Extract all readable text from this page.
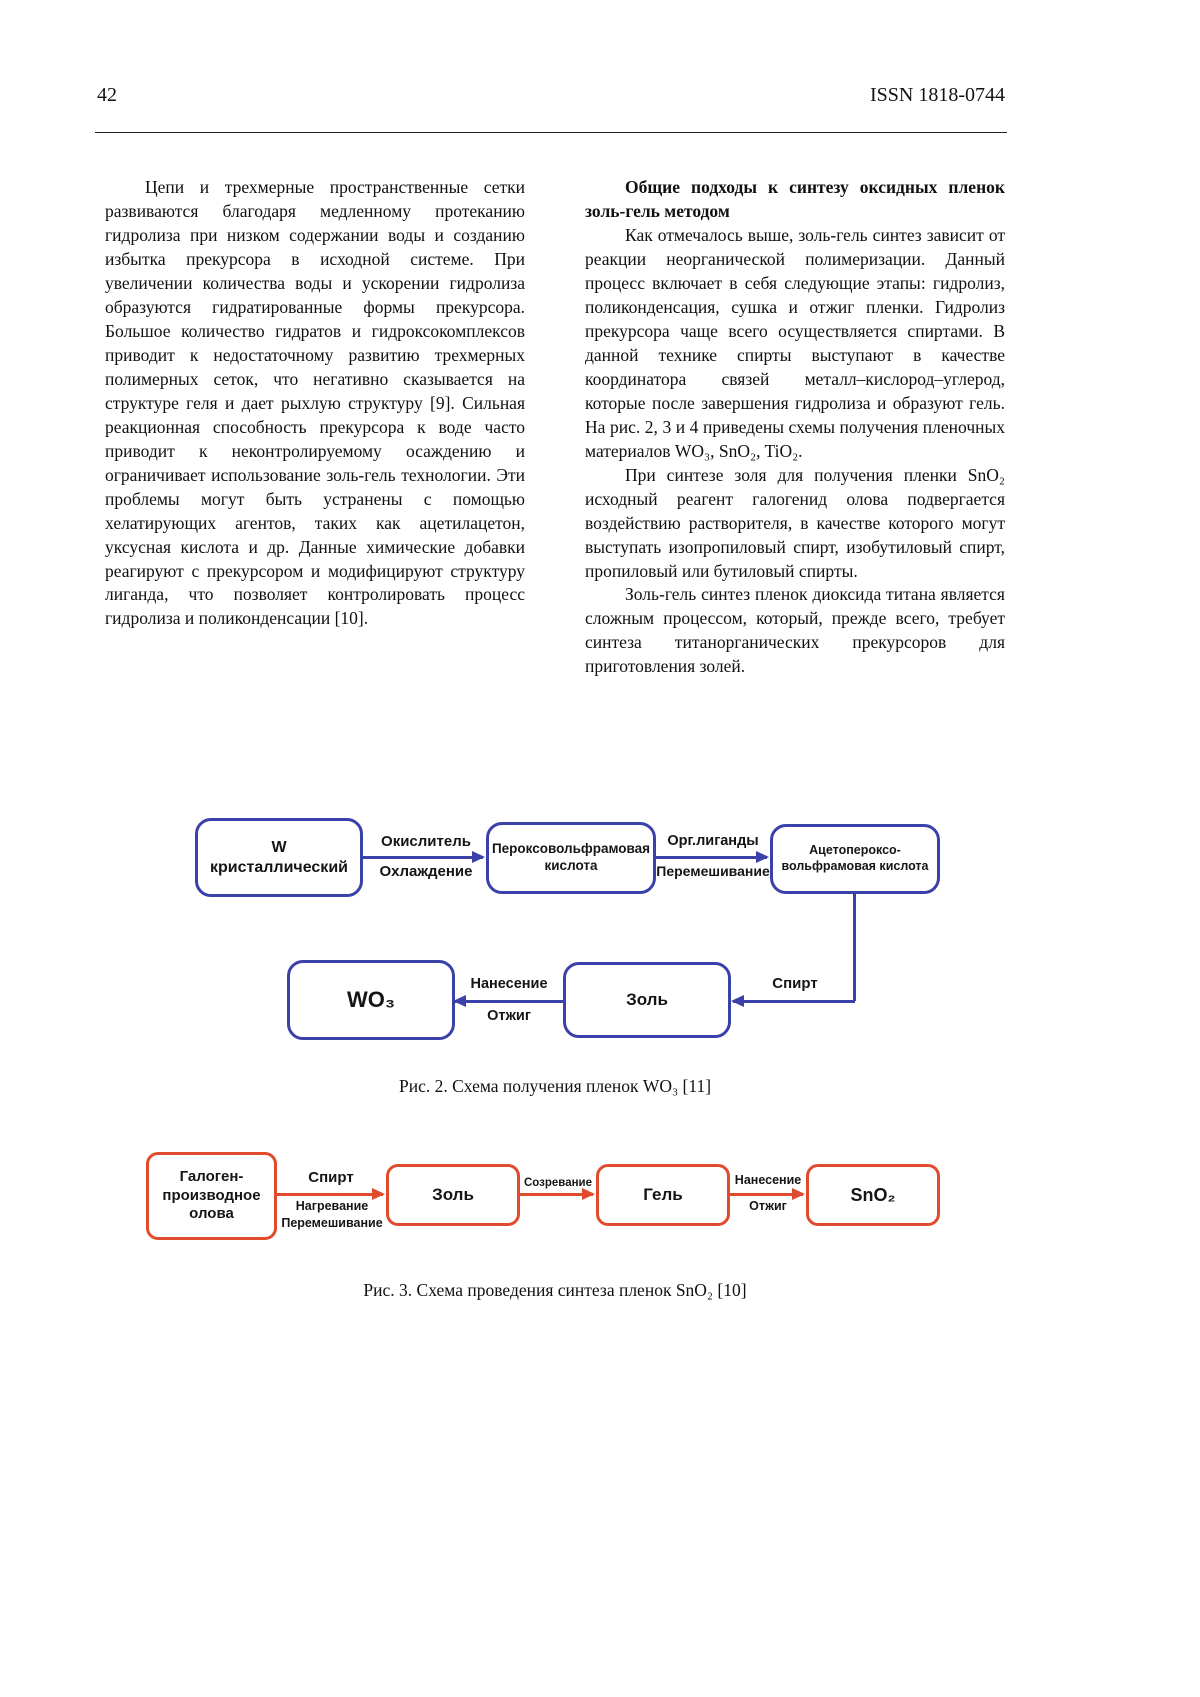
42	ISSN 1818-0744

Цепи и трехмерные пространственные сетки развиваются благодаря медленному протеканию гидролиза при низком содержании воды и созданию избытка прекурсора в исходной системе. При увеличении количества воды и ускорении гидролиза образуются гидратированные формы прекурсора. Большое количество гидратов и гидроксокомплексов приводит к недостаточному развитию трехмерных полимерных сеток, что негативно сказывается на структуре геля и дает рыхлую структуру [9]. Сильная реакционная способность прекурсора к воде часто приводит к неконтролируемому осаждению и ограничивает использование золь-гель технологии. Эти проблемы могут быть устранены с помощью хелатирующих агентов, таких как ацетилацетон, уксусная кислота и др. Данные химические добавки реагируют с прекурсором и модифицируют структуру лиганда, что позволяет контролировать процесс гидролиза и поликонденсации [10].

Общие подходы к синтезу оксидных пленок золь-гель методом

Как отмечалось выше, золь-гель синтез зависит от реакции неорганической полимеризации. Данный процесс включает в себя следующие этапы: гидролиз, поликонденсация, сушка и отжиг пленки. Гидролиз прекурсора чаще всего осуществляется спиртами. В данной технике спирты выступают в качестве координатора связей металл–кислород–углерод, которые после завершения гидролиза и образуют гель. На рис. 2, 3 и 4 приведены схемы получения пленочных материалов WO₃, SnO₂, TiO₂.

При синтезе золя для получения пленки SnO₂ исходный реагент галогенид олова подвергается воздействию растворителя, в качестве которого могут выступать изопропиловый спирт, изобутиловый спирт, пропиловый или бутиловый спирты.

Золь-гель синтез пленок диоксида титана является сложным процессом, который, прежде всего, требует синтеза титанорганических прекурсоров для приготовления золей.

W кристаллический
Окислитель
Охлаждение
Пероксовольфрамовая кислота
Орг.лиганды
Перемешивание
Ацетопероксо-вольфрамовая кислота
Спирт
Золь
Нанесение
Отжиг
WO₃
Рис. 2. Схема получения пленок WO₃ [11]
Галоген-производное олова
Спирт
Нагревание
Перемешивание
Золь
Созревание
Гель
Нанесение
Отжиг
SnO₂
Рис. 3. Схема проведения синтеза пленок SnO₂ [10]
